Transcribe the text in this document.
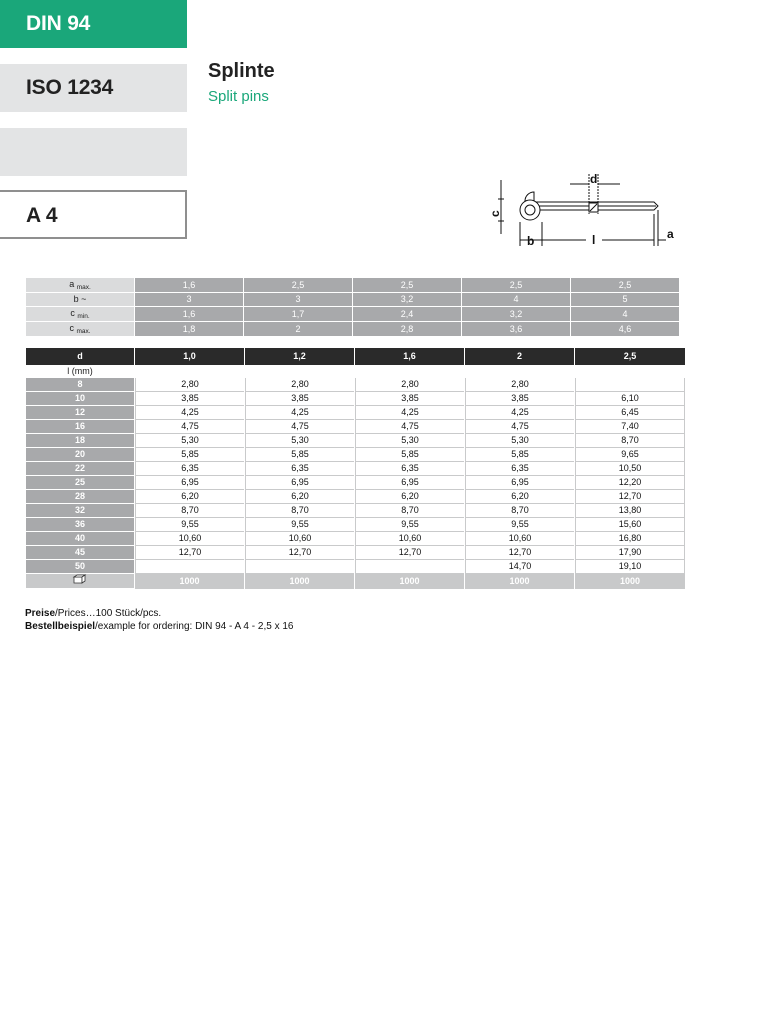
DIN 94
ISO 1234
A 4
Splinte
Split pins
d
c
b	l	a
a $_{max.}$	1,6	2,5	2,5	2,5	2,5
b ~	3	3	3,2	4	5
c $_{min.}$	1,6	1,7	2,4	3,2	4
c $_{max.}$	1,8	2	2,8	3,6	4,6
d	1,0	1,2	1,6	2	2,5
l (mm)					
8	2,80	2,80	2,80	2,80	
10	3,85	3,85	3,85	3,85	6,10
12	4,25	4,25	4,25	4,25	6,45
16	4,75	4,75	4,75	4,75	7,40
18	5,30	5,30	5,30	5,30	8,70
20	5,85	5,85	5,85	5,85	9,65
22	6,35	6,35	6,35	6,35	10,50
25	6,95	6,95	6,95	6,95	12,20
28	6,20	6,20	6,20	6,20	12,70
32	8,70	8,70	8,70	8,70	13,80
36	9,55	9,55	9,55	9,55	15,60
40	10,60	10,60	10,60	10,60	16,80
45	12,70	12,70	12,70	12,70	17,90
50				14,70	19,10
	1000	1000	1000	1000	1000
Preise/Prices…100 Stück/pcs.
Bestellbeispiel/example for ordering: DIN 94 - A 4 - 2,5 x 16
